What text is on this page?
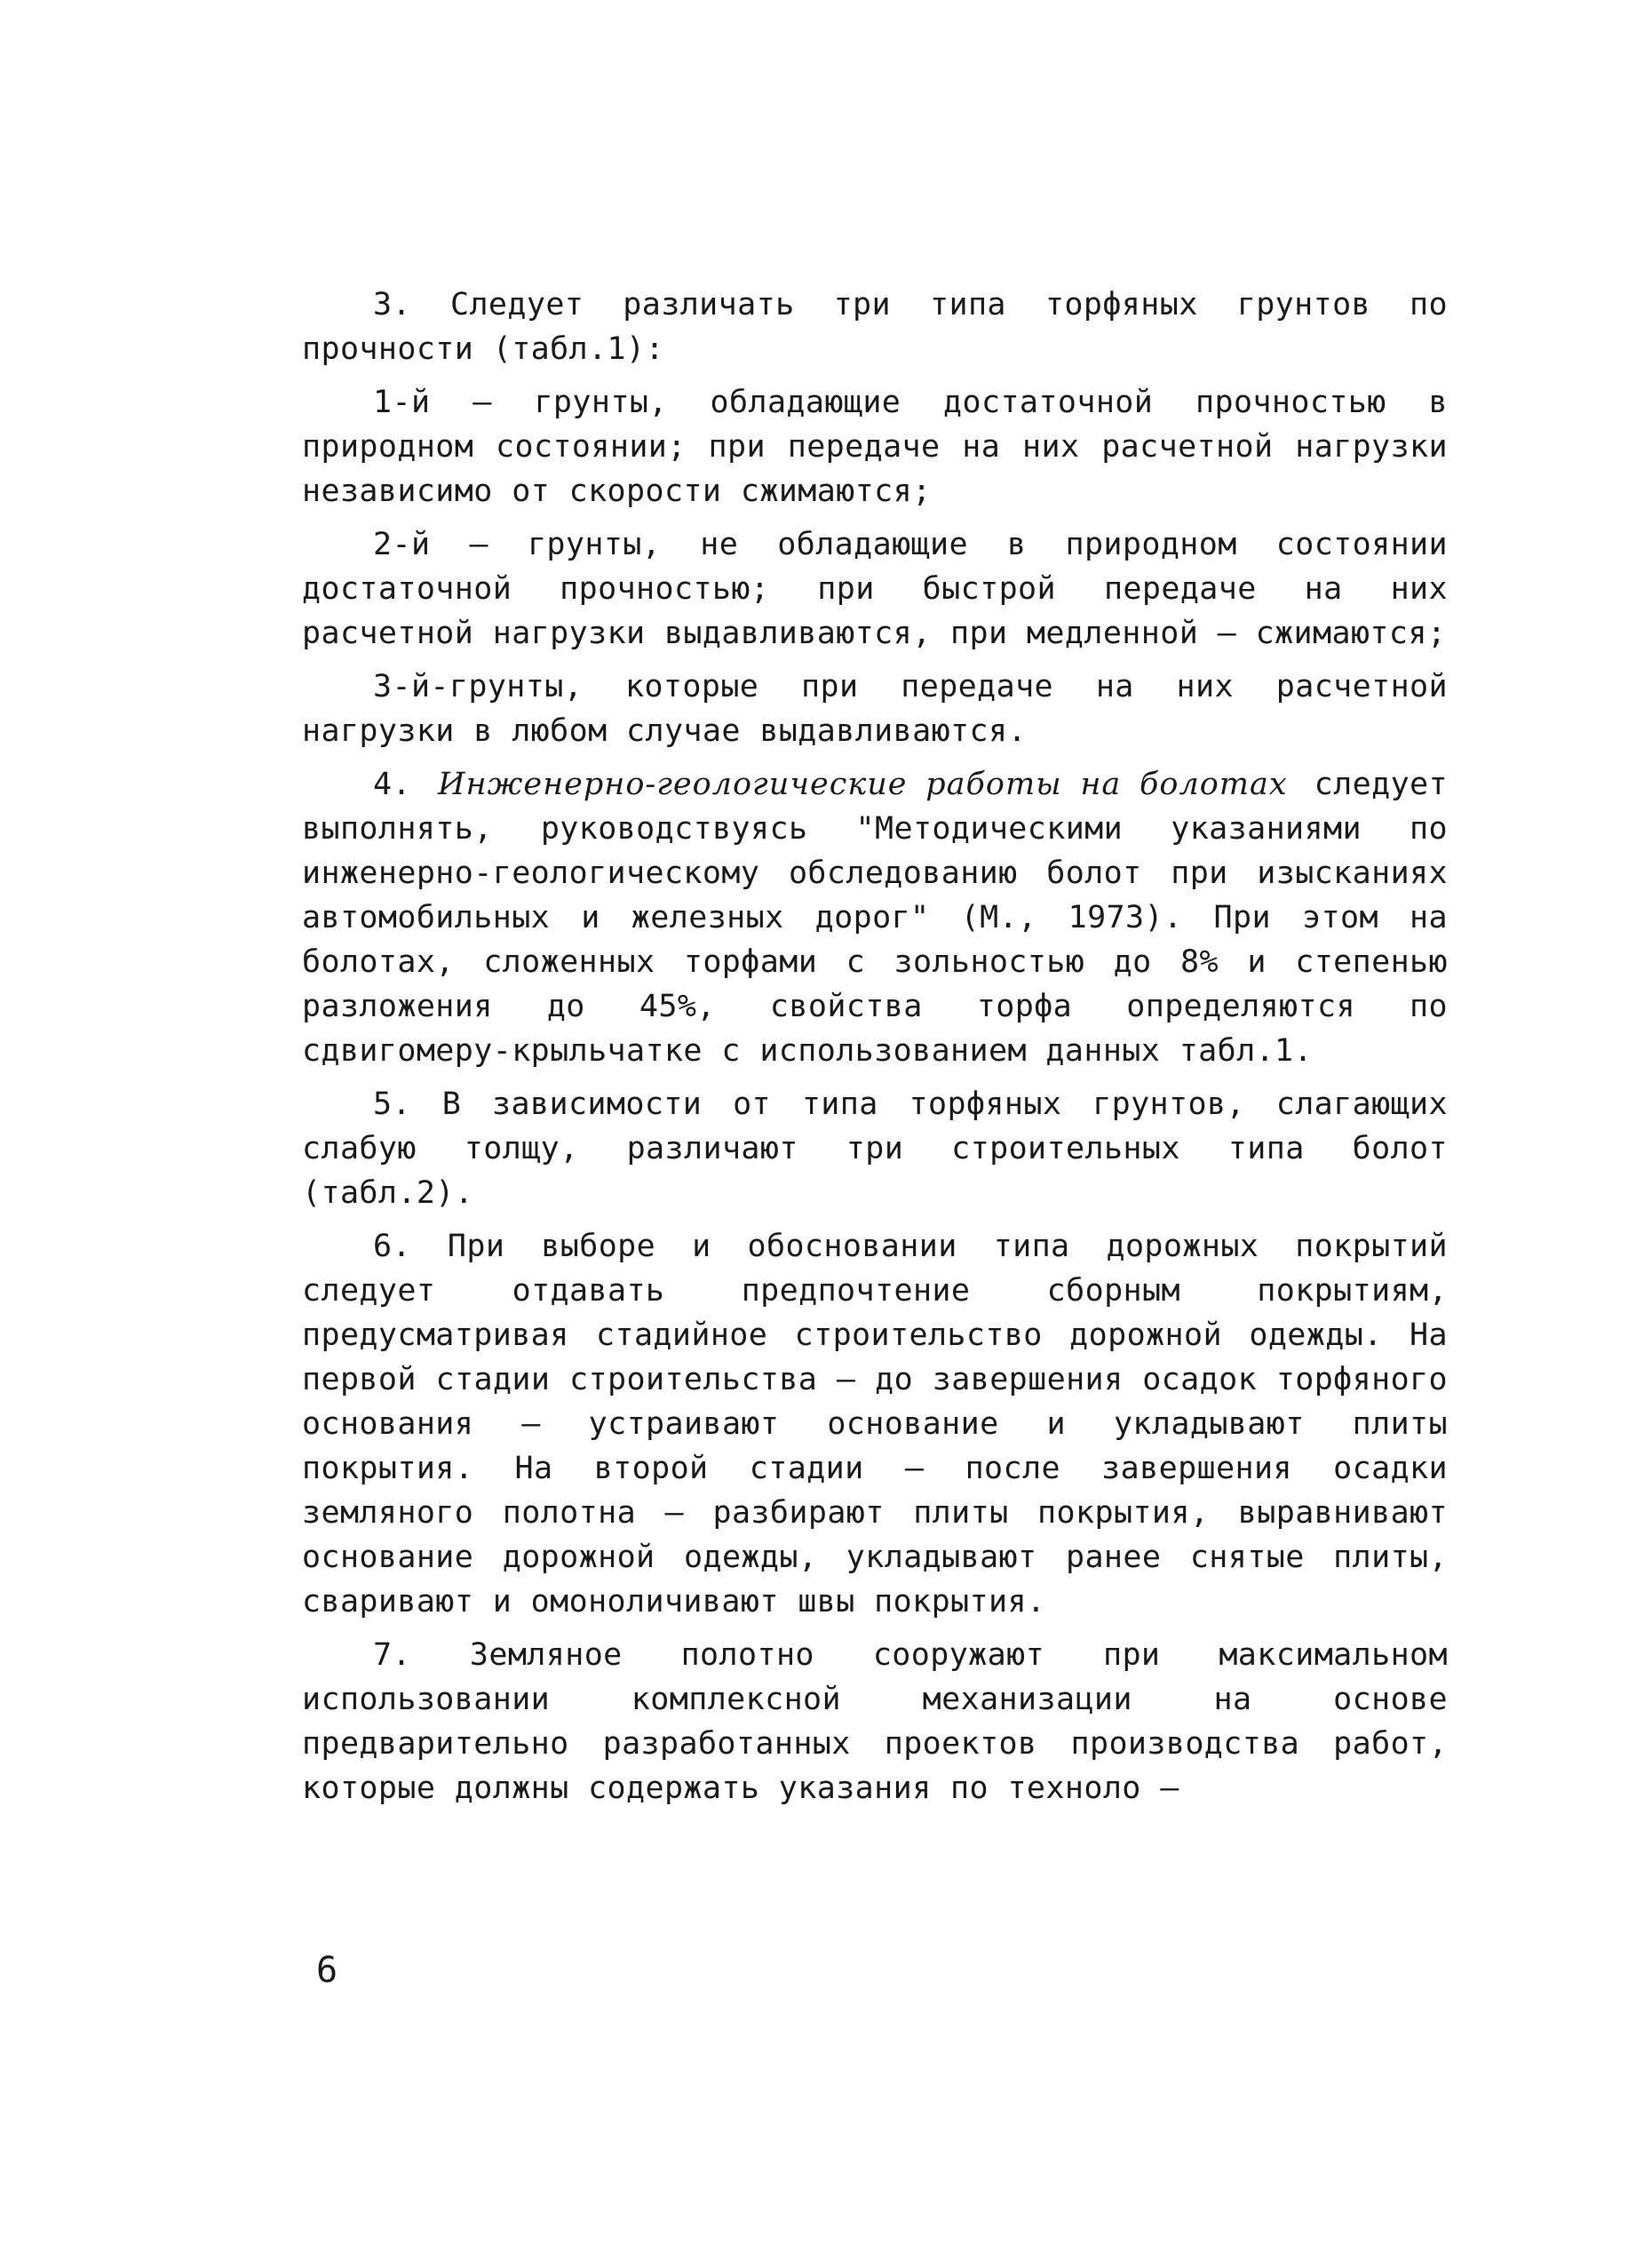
3. Следует различать три типа торфяных грунтов по прочности (табл.1):

1-й – грунты, обладающие достаточной прочностью в природном состоянии; при передаче на них расчетной нагрузки независимо от скорости сжимаются;

2-й – грунты, не обладающие в природном состоянии достаточной прочностью; при быстрой передаче на них расчетной нагрузки выдавливаются, при медленной – сжимаются;

3-й-грунты, которые при передаче на них расчетной нагрузки в любом случае выдавливаются.

4. Инженерно-геологические работы на болотах следует выполнять, руководствуясь "Методическими указаниями по инженерно-геологическому обследованию болот при изысканиях автомобильных и железных дорог" (М., 1973). При этом на болотах, сложенных торфами с зольностью до 8% и степенью разложения до 45%, свойства торфа определяются по сдвигомеру-крыльчатке с использованием данных табл.1.

5. В зависимости от типа торфяных грунтов, слагающих слабую толщу, различают три строительных типа болот (табл.2).

6. При выборе и обосновании типа дорожных покрытий следует отдавать предпочтение сборным покрытиям, предусматривая стадийное строительство дорожной одежды. На первой стадии строительства – до завершения осадок торфяного основания – устраивают основание и укладывают плиты покрытия. На второй стадии – после завершения осадки земляного полотна – разбирают плиты покрытия, выравнивают основание дорожной одежды, укладывают ранее снятые плиты, сваривают и омоноличивают швы покрытия.

7. Земляное полотно сооружают при максимальном использовании комплексной механизации на основе предварительно разработанных проектов производства работ, которые должны содержать указания по техноло –

6
